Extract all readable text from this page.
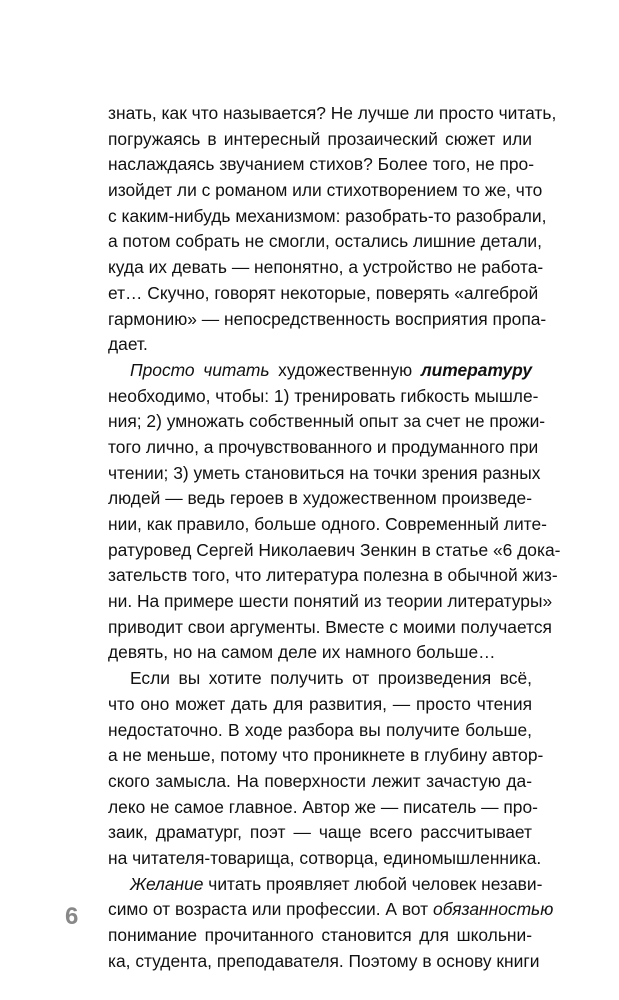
знать, как что называется? Не лучше ли просто читать,
погружаясь в интересный прозаический сюжет или
наслаждаясь звучанием стихов? Более того, не про-
изойдет ли с романом или стихотворением то же, что
с каким-нибудь механизмом: разобрать-то разобрали,
а потом собрать не смогли, остались лишние детали,
куда их девать — непонятно, а устройство не работа-
ет… Скучно, говорят некоторые, поверять «алгеброй
гармонию» — непосредственность восприятия пропа-
дает.
Просто читать художественную литературу
необходимо, чтобы: 1) тренировать гибкость мышле-
ния; 2) умножать собственный опыт за счет не прожи-
того лично, а прочувствованного и продуманного при
чтении; 3) уметь становиться на точки зрения разных
людей — ведь героев в художественном произведе-
нии, как правило, больше одного. Современный лите-
ратуровед Сергей Николаевич Зенкин в статье «6 дока-
зательств того, что литература полезна в обычной жиз-
ни. На примере шести понятий из теории литературы»
приводит свои аргументы. Вместе с моими получается
девять, но на самом деле их намного больше…
Если вы хотите получить от произведения всё,
что оно может дать для развития, — просто чтения
недостаточно. В ходе разбора вы получите больше,
а не меньше, потому что проникнете в глубину автор-
ского замысла. На поверхности лежит зачастую да-
леко не самое главное. Автор же — писатель — про-
заик, драматург, поэт — чаще всего рассчитывает
на читателя-товарища, сотворца, единомышленника.
Желание читать проявляет любой человек незави-
симо от возраста или профессии. А вот обязанностью
понимание прочитанного становится для школьни-
ка, студента, преподавателя. Поэтому в основу книги
6
